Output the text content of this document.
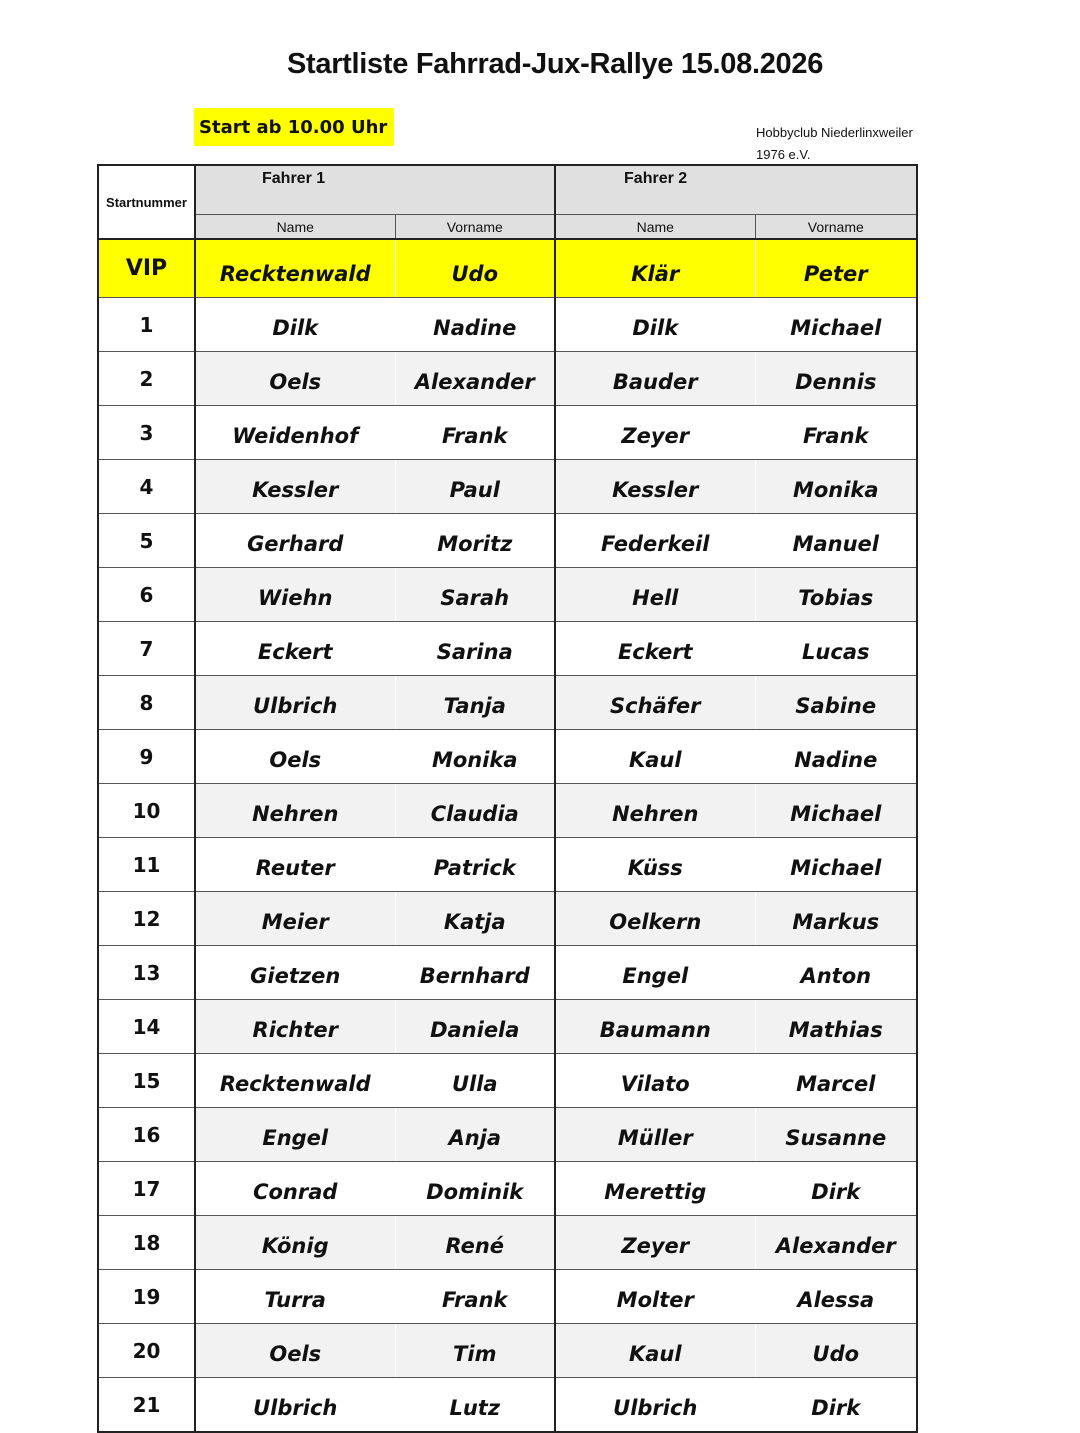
Startliste Fahrrad-Jux-Rallye 15.08.2026
Start ab 10.00 Uhr	Hobbyclub Niederlinxweiler
1976 e.V.
Startnummer	Fahrer 1		Fahrer 2	
	Name	Vorname	Name	Vorname
VIP	Recktenwald	Udo	Klär	Peter
1	Dilk	Nadine	Dilk	Michael
2	Oels	Alexander	Bauder	Dennis
3	Weidenhof	Frank	Zeyer	Frank
4	Kessler	Paul	Kessler	Monika
5	Gerhard	Moritz	Federkeil	Manuel
6	Wiehn	Sarah	Hell	Tobias
7	Eckert	Sarina	Eckert	Lucas
8	Ulbrich	Tanja	Schäfer	Sabine
9	Oels	Monika	Kaul	Nadine
10	Nehren	Claudia	Nehren	Michael
11	Reuter	Patrick	Küss	Michael
12	Meier	Katja	Oelkern	Markus
13	Gietzen	Bernhard	Engel	Anton
14	Richter	Daniela	Baumann	Mathias
15	Recktenwald	Ulla	Vilato	Marcel
16	Engel	Anja	Müller	Susanne
17	Conrad	Dominik	Merettig	Dirk
18	König	René	Zeyer	Alexander
19	Turra	Frank	Molter	Alessa
20	Oels	Tim	Kaul	Udo
21	Ulbrich	Lutz	Ulbrich	Dirk
